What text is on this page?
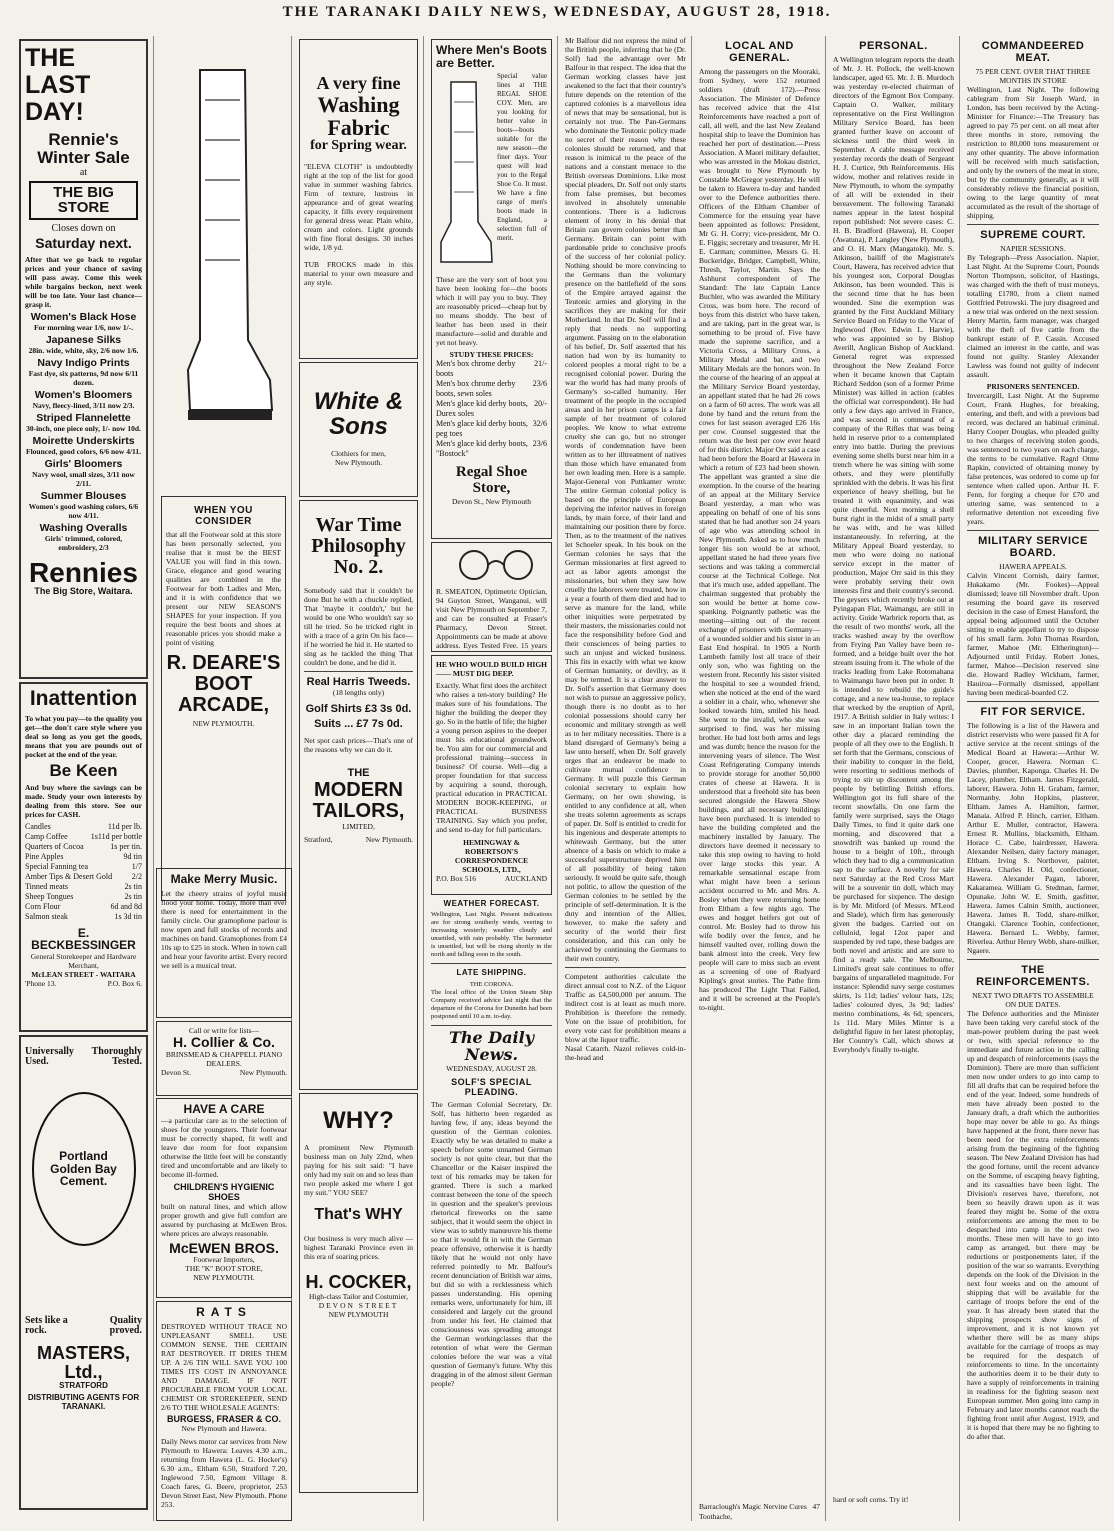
THE TARANAKI DAILY NEWS, WEDNESDAY, AUGUST 28, 1918.
THE LAST DAY!
Rennie's
Winter Sale
at
THE BIG STORE
Closes down on
Saturday next.
After that we go back to regular prices and your chance of saving will pass away. Come this week while bargains beckon, next week will be too late. Your last chance—grasp it.
Women's Black Hose
For morning wear 1/6, now 1/-.
Japanese Silks
28in. wide, white, sky, 2/6 now 1/6.
Navy Indigo Prints
Fast dye, six patterns, 9d now 6/11 dozen.
Women's Bloomers
Navy, fleecy-lined, 3/11 now 2/3.
Striped Flannelette
30-inch, one piece only, 1/- now 10d.
Moirette Underskirts
Flounced, good colors, 6/6 now 4/11.
Girls' Bloomers
Navy wool, small sizes, 3/11 now 2/11.
Summer Blouses
Women's good washing colors, 6/6 now 4/11.
Washing Overalls
Girls' trimmed, colored, embroidery, 2/3
Rennies
The Big Store, Waitara.
Inattention
To what you pay—to the quality you get—the don't care style where you deal so long as you get the goods, means that you are pounds out of pocket at the end of the year.
Be Keen
And buy where the savings can be made. Study your own interests by dealing from this store. See our prices for CASH.
Candles	11d per lb.
Camp Coffee	1s11d per bottle
Quarters of Cocoa	1s per tin.
Pine Apples	9d tin
Special Fanning tea	1/7
Amber Tips & Desert Gold 2/2
Tinned meats	2s tin
Sheep Tongues	2s tin
Corn Flour	6d and 8d
Salmon steak	1s 3d tin
E. BECKBESSINGER
General Storekeeper and Hardware Merchant,
McLEAN STREET - WAITARA
'Phone 13.	P.O. Box 6.
Universally Thoroughly
Used.	Tested.
Portland
Golden Bay
Cement.
Sets like a rock.
Quality proved.
MASTERS, Ltd.,
STRATFORD
DISTRIBUTING AGENTS FOR TARANAKI.
WHEN YOU CONSIDER
that all the Footwear sold at this store has been personally selected, you realise that it must be the BEST VALUE you will find in this town. Grace, elegance and good wearing qualities are combined in the Footwear for both Ladies and Men, and it is with confidence that we present our NEW SEASON'S SHAPES for your inspection. If you require the best boots and shoes at reasonable prices you should make a point of visiting
R. DEARE'S
BOOT
ARCADE,
NEW PLYMOUTH.
A very fine
Washing
Fabric
for Spring wear.
"ELEVA CLOTH" is undoubtedly right at the top of the list for good value in summer washing fabrics. Firm of texture, lustrous in appearance and of great wearing capacity, it fills every requirement for general dress wear. Plain white, cream and colors. Light grounds with fine floral designs. 30 inches wide, 1/8 yd.
TUB FROCKS made in this material to your own measure and any style.
White & Sons
Clothiers for men,
New Plymouth.
War Time
Philosophy
No. 2.
Somebody said that it couldn't be done But he with a chuckle replied, That 'maybe it couldn't,' but he would be one Who wouldn't say so till he tried. So he tricked right in with a trace of a grin On his face—if he worried he hid it. He started to sing as he tackled the thing That couldn't be done, and he did it.
Real Harris Tweeds.
(18 lengths only)
Golf Shirts £3 3s 0d.
Suits ... £7 7s 0d.
Net spot cash prices—That's one of the reasons why we can do it.
THE
MODERN
TAILORS,
LIMITED,
Stratford,	New Plymouth.
WHY?
A prominent New Plymouth business man on July 22nd, when paying for his suit said: "I have only had my suit on and so less than two people asked me where I got my suit." YOU SEE?
That's WHY
Our business is very much alive —highest Taranaki Province even in this era of soaring prices.
H. COCKER,
High-class Tailor and Costumier,
DEVON STREET
NEW PLYMOUTH
Make Merry Music.
Let the cheery strains of joyful music flood your home. Today, more than ever there is need for entertainment in the family circle. Our gramophone parlour is now open and full stocks of records and machines on hand. Gramophones from £4 10s up to £25 in stock. When in town call and hear your favorite artist. Every record we sell is a musical treat.
Call or write for lists—
H. Collier & Co.
BRINSMEAD & CHAPPELL PIANO DEALERS.
Devon St.	New Plymouth.
HAVE A CARE
—a particular care as to the selection of shoes for the youngsters. Their footwear must be correctly shaped, fit well and leave due room for foot expansion otherwise the little feet will be constantly tired and uncomfortable and are likely to become ill-formed.
CHILDREN'S HYGIENIC SHOES
built on natural lines, and which allow proper growth and give full comfort are assured by purchasing at McEwen Bros. where prices are always reasonable.
McEWEN BROS.
Footwear Importers,
THE "K" BOOT STORE,
NEW PLYMOUTH.
RATS
DESTROYED WITHOUT TRACE NO UNPLEASANT SMELL USE COMMON SENSE. THE CERTAIN RAT DESTROYER. IT DRIES THEM UP. A 2/6 TIN WILL SAVE YOU 100 TIMES ITS COST IN ANNOYANCE AND DAMAGE. IF NOT PROCURABLE FROM YOUR LOCAL CHEMIST OR STOREKEEPER, SEND 2/6 TO THE WHOLESALE AGENTS:
BURGESS, FRASER & CO.
New Plymouth and Hawera.
Daily News motor car services from New Plymouth to Hawera: Leaves 4.30 a.m., returning from Hawera (L. G. Hocker's) 6.30 a.m., Eltham 6.50, Stratford 7.20, Inglewood 7.50, Egmont Village 8. Coach fares, G. Beere, proprietor, 253 Devon Street East, New Plymouth. Phone 253.
Where Men's Boots are Better.
Special value lines at THE REGAL SHOE COY. Men, are you looking for better value in boots—boots suitable for the new season—the finer days. Your quest will lead you to the Regal Shoe Co. It must. We have a fine range of men's boots made in England, a selection full of merit.
These are the very sort of boot you have been looking for—the boots which it will pay you to buy. They are reasonably priced—cheap but by no means shoddy. The best of leather has been used in their manufacture—solid and durable and yet not heavy.
STUDY THESE PRICES:
Men's box chrome derby boots
21/-
Men's box chrome derby boots, sewn soles
23/6
Men's glace kid derby boots, Durex soles
20/-
Men's glace kid derby boots, peg toes
32/6
Men's glace kid derby boots, "Bostock"
23/6
Regal Shoe Store,
Devon St., New Plymouth
R. SMEATON, Optimetric Optician, 94 Guyton Street, Wanganui, will visit New Plymouth on September 7, and can be consulted at Fraser's Pharmacy, Devon Street. Appointments can be made at above address. Eyes Tested Free. 15 years
HE WHO WOULD BUILD HIGH —— MUST DIG DEEP.
Exactly. What first does the architect who raises a ten-story building? He makes sure of his foundations. The higher the building the deeper they go. So in the battle of life; the higher a young person aspires to the deeper must his educational groundwork be. You aim for our commercial and professional training—success in business? Of course. Well—dig a proper foundation for that success by acquiring a sound, thorough, practical education in PRACTICAL MODERN BOOK-KEEPING, or PRACTICAL BUSINESS TRAINING. Say which you prefer, and send to-day for full particulars.
HEMINGWAY & ROBERTSON'S CORRESPONDENCE SCHOOLS, LTD.,
P.O. Box 516	AUCKLAND
WEATHER FORECAST.
Wellington, Last Night. Present indications are for strong southerly winds, veering to increasing westerly; weather cloudy and unsettled, with rain probably. The barometer is unsettled, but will be rising shortly in the north and falling soon in the south.
LATE SHIPPING.
THE CORONA.
The local office of the Union Steam Ship Company received advice last night that the departure of the Corona for Dunedin had been postponed until 10 a.m. to-day.
The Daily News.
WEDNESDAY, AUGUST 28.
SOLF'S SPECIAL PLEADING.
The German Colonial Secretary, Dr. Solf, has hitherto been regarded as having few, if any, ideas beyond the question of the German colonies. Exactly why he was detailed to make a speech before some unnamed German society is not quite clear, but that the Chancellor or the Kaiser inspired the text of his remarks may be taken for granted. There is such a marked contrast between the tone of the speech in question and the speaker's previous rhetorical fireworks on the same subject, that it would seem the object in view was to subtly manœuvre his theme so that it would fit in with the German peace offensive, otherwise it is hardly likely that he would not only have referred pointedly to Mr. Balfour's recent denunciation of British war aims, but did so with a recklessness which passes understanding. His opening remarks were, unfortunately for him, ill considered and largely cut the ground from under his feet. He claimed that consciousness was spreading amongst the German workingclasses that the retention of what were the German colonies before the war was a vital question of Germany's future. Why this dragging in of the almost silent German people?
Mr Balfour did not express the mind of the British people, inferring that he (Dr. Solf) had the advantage over Mr Balfour in that respect. The idea that the German working classes have just awakened to the fact that their country's future depends on the retention of the captured colonies is a marvellous idea of news that may be sensational, but is certainly not true. The Pan-Germans who dominate the Teutonic policy made no secret of their reason why these colonies should be returned, and that reason is inimical to the peace of the nations and a constant menace to the British overseas Dominions. Like most special pleaders, Dr. Solf not only starts from false premises, but becomes involved in absolutely untenable contentions. There is a ludicrous element of irony in his denial that Britain can govern colonies better than Germany. Britain can point with pardonable pride to conclusive proofs of the success of her colonial policy. Nothing should be more convincing to the Germans than the voluntary presence on the battlefield of the sons of the Empire arrayed against the Teutonic armies and glorying in the sacrifices they are making for their Motherland. In that Dr. Solf will find a reply that needs no supporting argument. Passing on to the elaboration of his belief, Dr. Solf asserted that his nation had won by its humanity to colored peoples a moral right to be a recognised colonial power. During the war the world has had many proofs of Germany's so-called humanity. Her treatment of the people in the occupied areas and in her prison camps is a fair sample of her treatment of colored peoples. We know to what extreme cruelty she can go, but no stronger words of condemnation have been written as to her illtreatment of natives than those which have emanated from her own leading men. Here is a sample. Major-General von Puttkamer wrote: The entire German colonial policy is based on the principle of European depriving the inferior natives in foreign lands, by main force, of their land and maintaining our position there by force. Then, as to the treatment of the natives let Schoeler speak. In his book on the German colonies he says that the German missionaries at first agreed to act as labor agents amongst the missionaries, but when they saw how cruelly the laborers were treated, how in a year a fourth of them died and had to serve as manure for the land, while other iniquities were perpetrated by their masters, the missionaries could not face the responsibility before God and their consciences of being parties to such an unjust and wicked business. This fits in exactly with what we know of German humanity, or devilry, as it may be termed. It is a clear answer to Dr. Solf's assertion that Germany does not wish to pursue an aggressive policy, though there is no doubt as to her colonial possessions should carry her economic and military strength as well as to her military necessities. There is a bland disregard of Germany's being a law unto herself, when Dr. Solf gravely urges that an endeavor be made to cultivate mutual confidence in Germany. It will puzzle this German colonial secretary to explain how Germany, on her own showing, is entitled to any confidence at all, when she treats solemn agreements as scraps of paper. Dr. Solf is entitled to credit for his ingenious and desperate attempts to whitewash Germany, but the utter absence of a basis on which to make a successful superstructure deprived him of all possibility of being taken seriously. It would be quite safe, though not politic, to allow the question of the German colonies to be settled by the principle of self-determination. It is the duty and intention of the Allies, however, to make the safety and security of the world their first consideration, and this can only be achieved by continuing the Germans to their own country.
Competent authorities calculate the direct annual cost to N.Z. of the Liquor Traffic as £4,500,000 per annum. The indirect cost is at least as much more. Prohibition is therefore the remedy. Vote on the issue of prohibition, for every vote cast for prohibition means a blow at the liquor traffic.
Nasal Catarrh. Nazol relieves cold-in-the-head and
LOCAL AND GENERAL.
Among the passengers on the Mooraki, from Sydney, were 152 returned soldiers (draft 172).—Press Association. The Minister of Defence has received advice that the 41st Reinforcements have reached a port of call, all well, and the last New Zealand hospital ship to leave the Dominion has reached her port of destination.—Press Association. A Maori military defaulter, who was arrested in the Mokau district, was brought to New Plymouth by Constable McGregor yesterday. He will be taken to Hawera to-day and handed over to the Defence authorities there. Officers of the Eltham Chamber of Commerce for the ensuing year have been appointed as follows: President, Mr G. H. Corry; vice-president, Mr O. E. Figgis; secretary and treasurer, Mr H. E. Carman; committee, Messrs G. H. Buckeridge, Bridger, Campbell, White, Thresh, Taylor, Martin. Says the Ashhurst correspondent of The Standard: The late Captain Lance Buchler, who was awarded the Military Cross, was born here. The record of boys from this district who have taken, and are taking, part in the great war, is something to be proud of. Five have made the supreme sacrifice, and a Victoria Cross, a Military Cross, a Military Medal and bar, and two Military Medals are the honors won. In the course of the hearing of an appeal at the Military Service Board yesterday, an appellant stated that he had 26 cows on a farm of 60 acres. The work was all done by hand and the return from the cows for last season averaged £26 16s per cow. Counsel suggested that the return was the best per cow ever heard of for this district. Major Orr said a case had been before the Board at Hawera in which a return of £23 had been shown. The appellant was granted a sine die exemption. In the course of the hearing of an appeal at the Military Service Board yesterday, a man who was appealing on behalf of one of his sons stated that he had another son 24 years of age who was attending school in New Plymouth. Asked as to how much longer his son would be at school, appellant stated he had three years five sections and was taking a commercial course at the Technical College. Not that it's much use, added appellant. The chairman suggested that probably the son would be better at home cow-spanking. Poignantly pathetic was the meeting—sitting out of the recent exchange of prisoners with Germany—of a wounded soldier and his sister in an East End hospital. In 1905 a North Lambeth family lost all trace of their only son, who was fighting on the western front. Recently his sister visited the hospital to see a wounded friend, when she noticed at the end of the ward a soldier in a chair, who, whenever she looked towards him, smiled his head. She went to the invalid, who she was surprised to find, was her missing brother. He had lost both arms and legs and was dumb; hence the reason for the intervening years of silence. The West Coast Refrigerating Company intends to provide storage for another 50,000 crates of cheese at Hawera. It is understood that a freehold site has been secured alongside the Hawera Show buildings, and all necessary buildings have been purchased. It is intended to have the building completed and the machinery installed by January. The directors have deemed it necessary to take this step owing to having to hold over large stocks this year. A remarkable sensational escape from what might have been a serious accident occurred to Mr. and Mrs. A. Bosley when they were returning home from Eltham a few nights ago. The ewes and hogget heifers got out of control. Mr. Bosley had to throw his wife bodily over the fence, and he himself vaulted over, rolling down the bank almost into the creek. Very few people will care to miss such an event as a screening of one of Rudyard Kipling's great stories. The Pathe firm has produced The Light That Failed, and it will be screened at the People's to-night.
Barraclough's Magic Nervine Cures Toothache,
47
PERSONAL.
A Wellington telegram reports the death of Mr. J. H. Pollock, the well-known landscaper, aged 65. Mr. J. B. Murdoch was yesterday re-elected chairman of directors of the Egmont Box Company. Captain O. Walker, military representative on the First Wellington Military Service Board, has been granted further leave on account of sickness until the third week in September. A cable message received yesterday records the death of Sergeant H. J. Curtice, 9th Reinforcements. His widow, mother and relatives reside in New Plymouth, to whom the sympathy of all will be extended in their bereavement. The following Taranaki names appear in the latest hospital report published: Not severe cases: C. H. B. Bradford (Hawera), H. Cooper (Awatuna), P. Langley (New Plymouth), and O. H. Marx (Mangatoki). Mr. S. Atkinson, bailiff of the Magistrate's Court, Hawera, has received advice that his youngest son, Corporal Douglas Atkinson, has been wounded. This is the second time that he has been wounded. Sine die exemption was granted by the First Auckland Military Service Board on Friday to the Vicar of Inglewood (Rev. Edwin L. Harvie), who was appointed so by Bishop Averill, Anglican Bishop of Auckland. General regret was expressed throughout the New Zealand Force when it became known that Captain Richard Seddon (son of a former Prime Minister) was killed in action (cables the official war correspondent). He had only a few days ago arrived in France, and was second in command of a company of the Rifles that was being held in reserve prior to a contemplated entry into battle. During the previous evening some shells burst near him in a trench where he was sitting with some others, and they were plentifully sprinkled with the debris. It was his first experience of heavy shelling, but he treated it with equanimity, and was quite cheerful. Next morning a shell burst right in the midst of a small party he was with, and he was killed instantaneously. In referring, at the Military Appeal Board yesterday, to men who were doing no national service except in the matter of production, Major Orr said in this they were probably serving their own interests first and their country's second. The geysers which recently broke out at Pyingapan Flat, Waimangu, are still in activity. Guide Warbrick reports that, as the result of two months' work, all the tracks washed away by the overflow from Frying Pan Valley have been re-formed, and a bridge built over the hot stream issuing from it. The whole of the tracks leading from Lake Rotomahana to Waimangu have been put in order. It is intended to rebuild the guide's cottage, and a new tea-house, to replace that wrecked by the eruption of April, 1917. A British soldier in Italy writes: I saw in an important Italian town the other day a placard reminding the people of all they owe to the English. It set forth that the Germans, conscious of their inability to conquer in the field, were resorting to seditious methods of trying to stir up discontent among the people by belittling British efforts. Wellington got its full share of the recent snowfalls. On one farm the family were surprised, says the Otago Daily Times, to find it quite dark one morning, and discovered that a snowdrift was banked up round the house to a height of 10ft., through which they had to dig a communication sap to the surface. A novelty for sale next Saturday at the Red Cross Mart will be a souvenir tin doll, which may be purchased for sixpence. The design is by Mr. Mitford (of Messrs. M'Leod and Slade), which firm has generously given the badges. Carried out on celluloid, legal 12oz paper and suspended by red tape, these badges are both novel and artistic and are sure to find a ready sale. The Melbourne, Limited's great sale continues to offer bargains of unparalleled magnitude. For instance: Splendid navy serge costumes skirts, 1s 11d; ladies' velour hats, 12s; ladies' coloured dyes, 3s 9d; ladies' merino combinations, 4s 6d; spencers, 1s 11d. Mary Miles Minter is a delightful figure in her latest photoplay, Her Country's Call, which shows at Everybody's finally to-night.
hard or soft corns. Try it!
COMMANDEERED MEAT.
75 PER CENT. OVER THAT THREE MONTHS IN STORE
Wellington, Last Night. The following cablegram from Sir Joseph Ward, in London, has been received by the Acting-Minister for Finance:—The Treasury has agreed to pay 75 per cent. on all meat after three months in store, removing the restriction to 80,000 tons measurement or any other quantity. The above information will be received with much satisfaction, and only by the owners of the meat in store, but by the community generally, as it will considerably relieve the financial position, owing to the large quantity of meat accumulated as the result of the shortage of shipping.
SUPREME COURT.
NAPIER SESSIONS.
By Telegraph—Press Association. Napier, Last Night. At the Supreme Court, Pounds Norton Thompson, solicitor, of Hastings, was charged with the theft of trust moneys, totalling £1780, from a client named Gottfried Petrowski. The jury disagreed and a new trial was ordered on the next session. Henry Martin, farm manager, was charged with the theft of five cattle from the bankrupt estate of P. Cassin. Accused claimed an interest in the cattle, and was found not guilty. Stanley Alexander Lawless was found not guilty of indecent assault.
PRISONERS SENTENCED.
Invercargill, Last Night. At the Supreme Court, Frank Hughes, for breaking, entering, and theft, and with a previous bad record, was declared an habitual criminal. Harry Cooper Douglas, who pleaded guilty to two charges of receiving stolen goods, was sentenced to two years on each charge, the terms to be cumulative. Ragnl Otme Rapkin, convicted of obtaining money by false pretences, was ordered to come up for sentence when called upon. Arthur H. F. Fenn, for forging a cheque for £70 and uttering same, was sentenced to a reformative detention not exceeding five years.
MILITARY SERVICE BOARD.
HAWERA APPEALS.
Calvin Vincent Cornish, dairy farmer, Hukakamo (Mr. Fookes)—Appeal dismissed; leave till November draft. Upon resuming the board gave its reserved decision in the case of Ernest Hansford, the appeal being adjourned until the October sitting to enable appellant to try to dispose of his small farm. John Thomas Reardon, farmer, Mahoe (Mr. Eltherington)—Adjourned until Friday. Robert Jones, farmer, Mahoe—Decision reserved sine die. Howard Radley Wickham, farmer, Hauiroa—Formally dismissed, appellant having been medical-boarded C2.
FIT FOR SERVICE.
The following is a list of the Hawera and district reservists who were passed fit A for active service at the recent sittings of the Medical Board at Hawera:—Arthur W. Cooper, grocer, Hawera. Norman C. Davies, plumber, Kaponga. Charles H. De Lacey, plumber, Eltham. James Fitzgerald, laborer, Hawera. John H. Graham, farmer, Normanby. John Hopkins, plasterer, Eltham. James A. Hamilton, farmer, Manaia. Alfred P. Hinch, carrier, Eltham. Arthur E. Muller, contractor, Hawera. Ernest R. Mullins, blacksmith, Eltham. Horace C. Cabe, hairdresser, Hawera. Alexander Neilsen, dairy factory manager, Eltham. Irving S. Northover, painter, Hawera. Charles H. Old, confectioner, Hawera. Alexander Pagan, laborer, Kakaramea. William G. Stedman, farmer, Opunake. John W. E. Smith, gasfitter, Hawera. James Calnin Smith, auctioneer, Hawera. James R. Todd, share-milker, Otangaki. Clarence Toohin, confectioner, Hawera. Bernard L. Webby, farmer, Riverlea. Arthur Henry Webb, share-milker, Ngaere.
THE REINFORCEMENTS.
NEXT TWO DRAFTS TO ASSEMBLE ON DUE DATES.
The Defence authorities and the Minister have been taking very careful stock of the man-power problem during the past week or two, with special reference to the immediate and future action in the calling up and despatch of reinforcements (says the Dominion). There are more than sufficient men now under orders to go into camp to fill all drafts that can be required before the end of the year. Indeed, some hundreds of men have already been posted to the January draft, a draft which the authorities hope may never be able to go. As things have happened at the front, there never has been need for the extra reinforcements arising from the beginning of the fighting season. The New Zealand Division has had the good fortune, until the recent advance on the Somme, of escaping heavy fighting, and its casualties have been light. The Division's reserves have, therefore, not been so heavily drawn upon as it was feared they might be. Some of the extra reinforcements are among the men to be despatched into camp in the next two months. These men will have to go into camp as arranged, but there may be reductions or postponements later, if the position of the war so warrants. Everything depends on the look of the Division in the next four weeks and on the amount of shipping that will be available for the carriage of troops before the end of the year. It has already been stated that the shipping prospects show signs of improvement, and it is not known yet whether there will be as many ships available for the carriage of troops as may be required for the despatch of reinforcements to time. In the uncertainty the authorities deem it to be their duty to have a supply of reinforcements in training in readiness for the fighting season next European summer. Men going into camp in February and later months cannot reach the fighting front until after August, 1919, and it is hoped that there may be no fighting to do after that.
